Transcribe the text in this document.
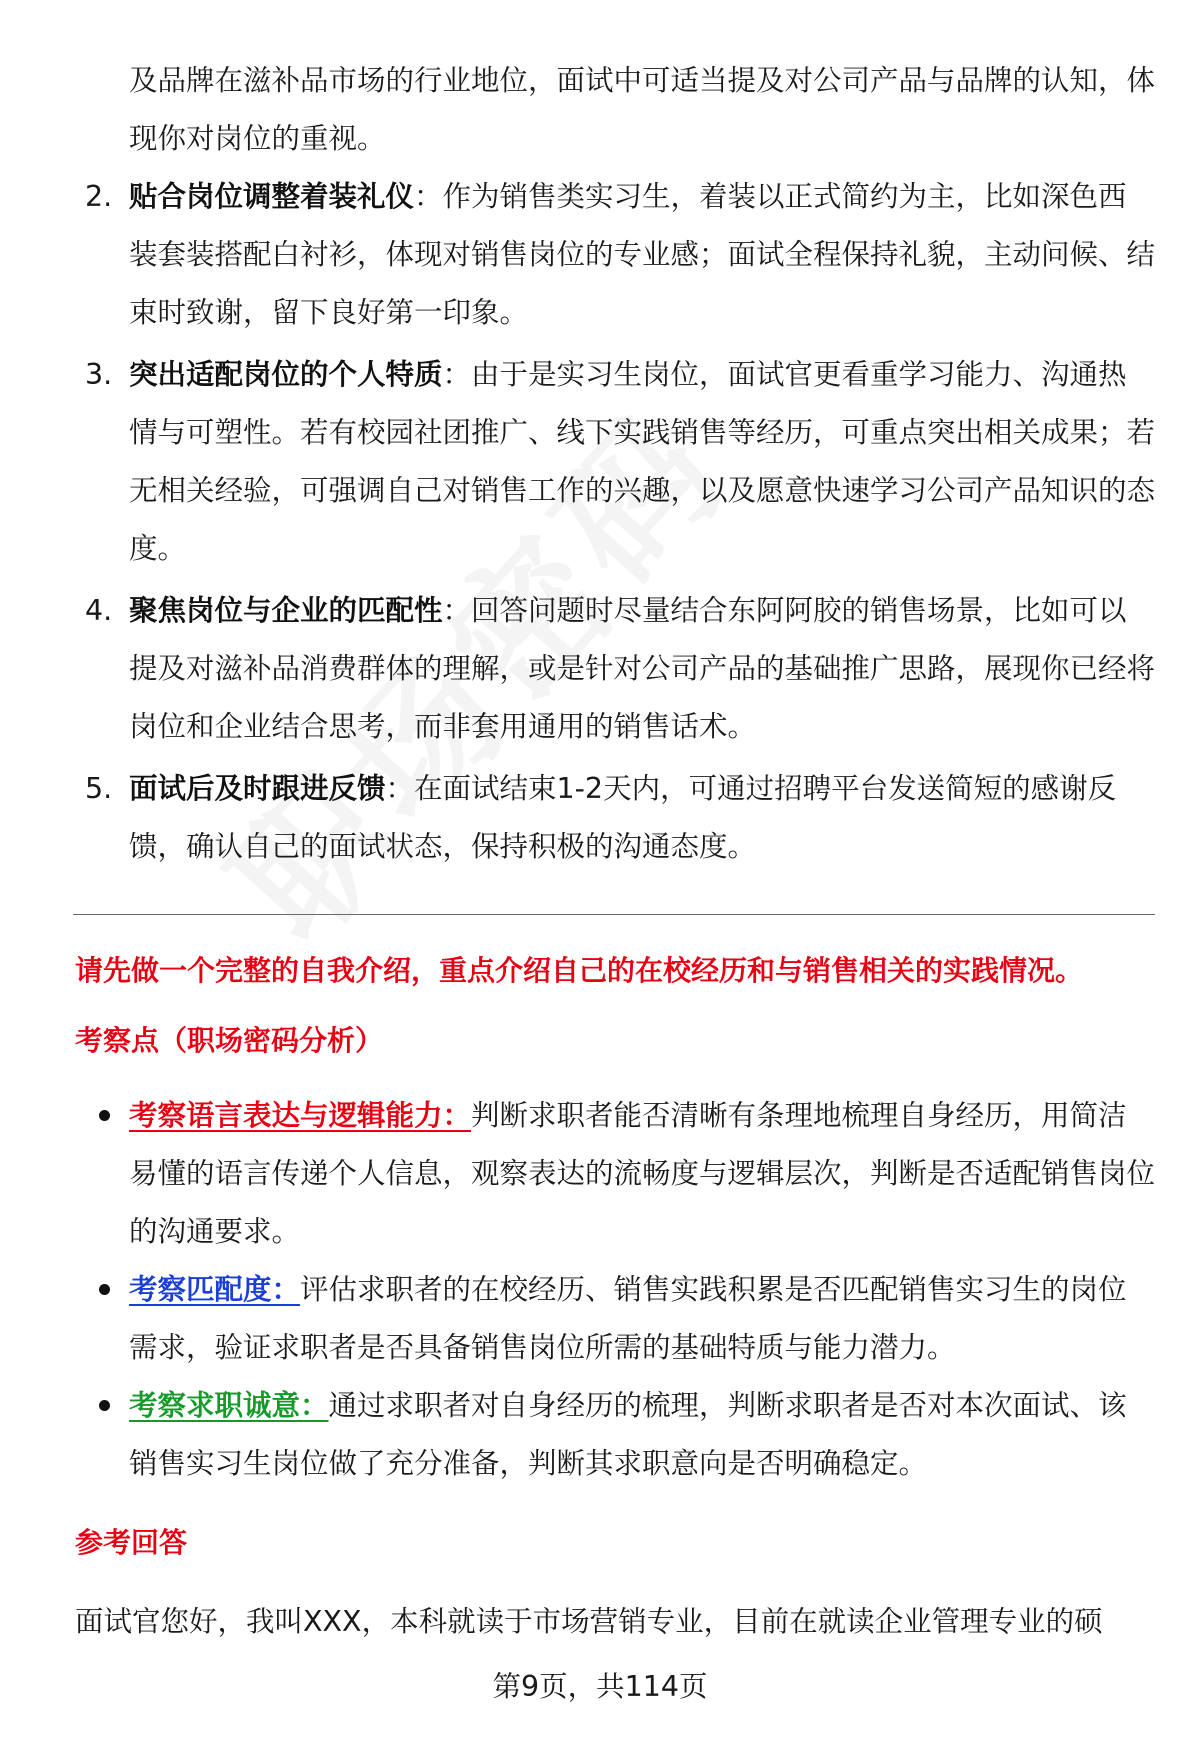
及品牌在滋补品市场的行业地位，面试中可适当提及对公司产品与品牌的认知，体现你对岗位的重视。

2. 贴合岗位调整着装礼仪：作为销售类实习生，着装以正式简约为主，比如深色西装套装搭配白衬衫，体现对销售岗位的专业感；面试全程保持礼貌，主动问候、结束时致谢，留下良好第一印象。
3. 突出适配岗位的个人特质：由于是实习生岗位，面试官更看重学习能力、沟通热情与可塑性。若有校园社团推广、线下实践销售等经历，可重点突出相关成果；若无相关经验，可强调自己对销售工作的兴趣，以及愿意快速学习公司产品知识的态度。
4. 聚焦岗位与企业的匹配性：回答问题时尽量结合东阿阿胶的销售场景，比如可以提及对滋补品消费群体的理解，或是针对公司产品的基础推广思路，展现你已经将岗位和企业结合思考，而非套用通用的销售话术。
5. 面试后及时跟进反馈：在面试结束1-2天内，可通过招聘平台发送简短的感谢反馈，确认自己的面试状态，保持积极的沟通态度。
请先做一个完整的自我介绍，重点介绍自己的在校经历和与销售相关的实践情况。
考察点（职场密码分析）
考察语言表达与逻辑能力：判断求职者能否清晰有条理地梳理自身经历，用简洁易懂的语言传递个人信息，观察表达的流畅度与逻辑层次，判断是否适配销售岗位的沟通要求。
考察匹配度：评估求职者的在校经历、销售实践积累是否匹配销售实习生的岗位需求，验证求职者是否具备销售岗位所需的基础特质与能力潜力。
考察求职诚意：通过求职者对自身经历的梳理，判断求职者是否对本次面试、该销售实习生岗位做了充分准备，判断其求职意向是否明确稳定。
参考回答
面试官您好，我叫XXX，本科就读于市场营销专业，目前在就读企业管理专业的硕
第9页，共114页
